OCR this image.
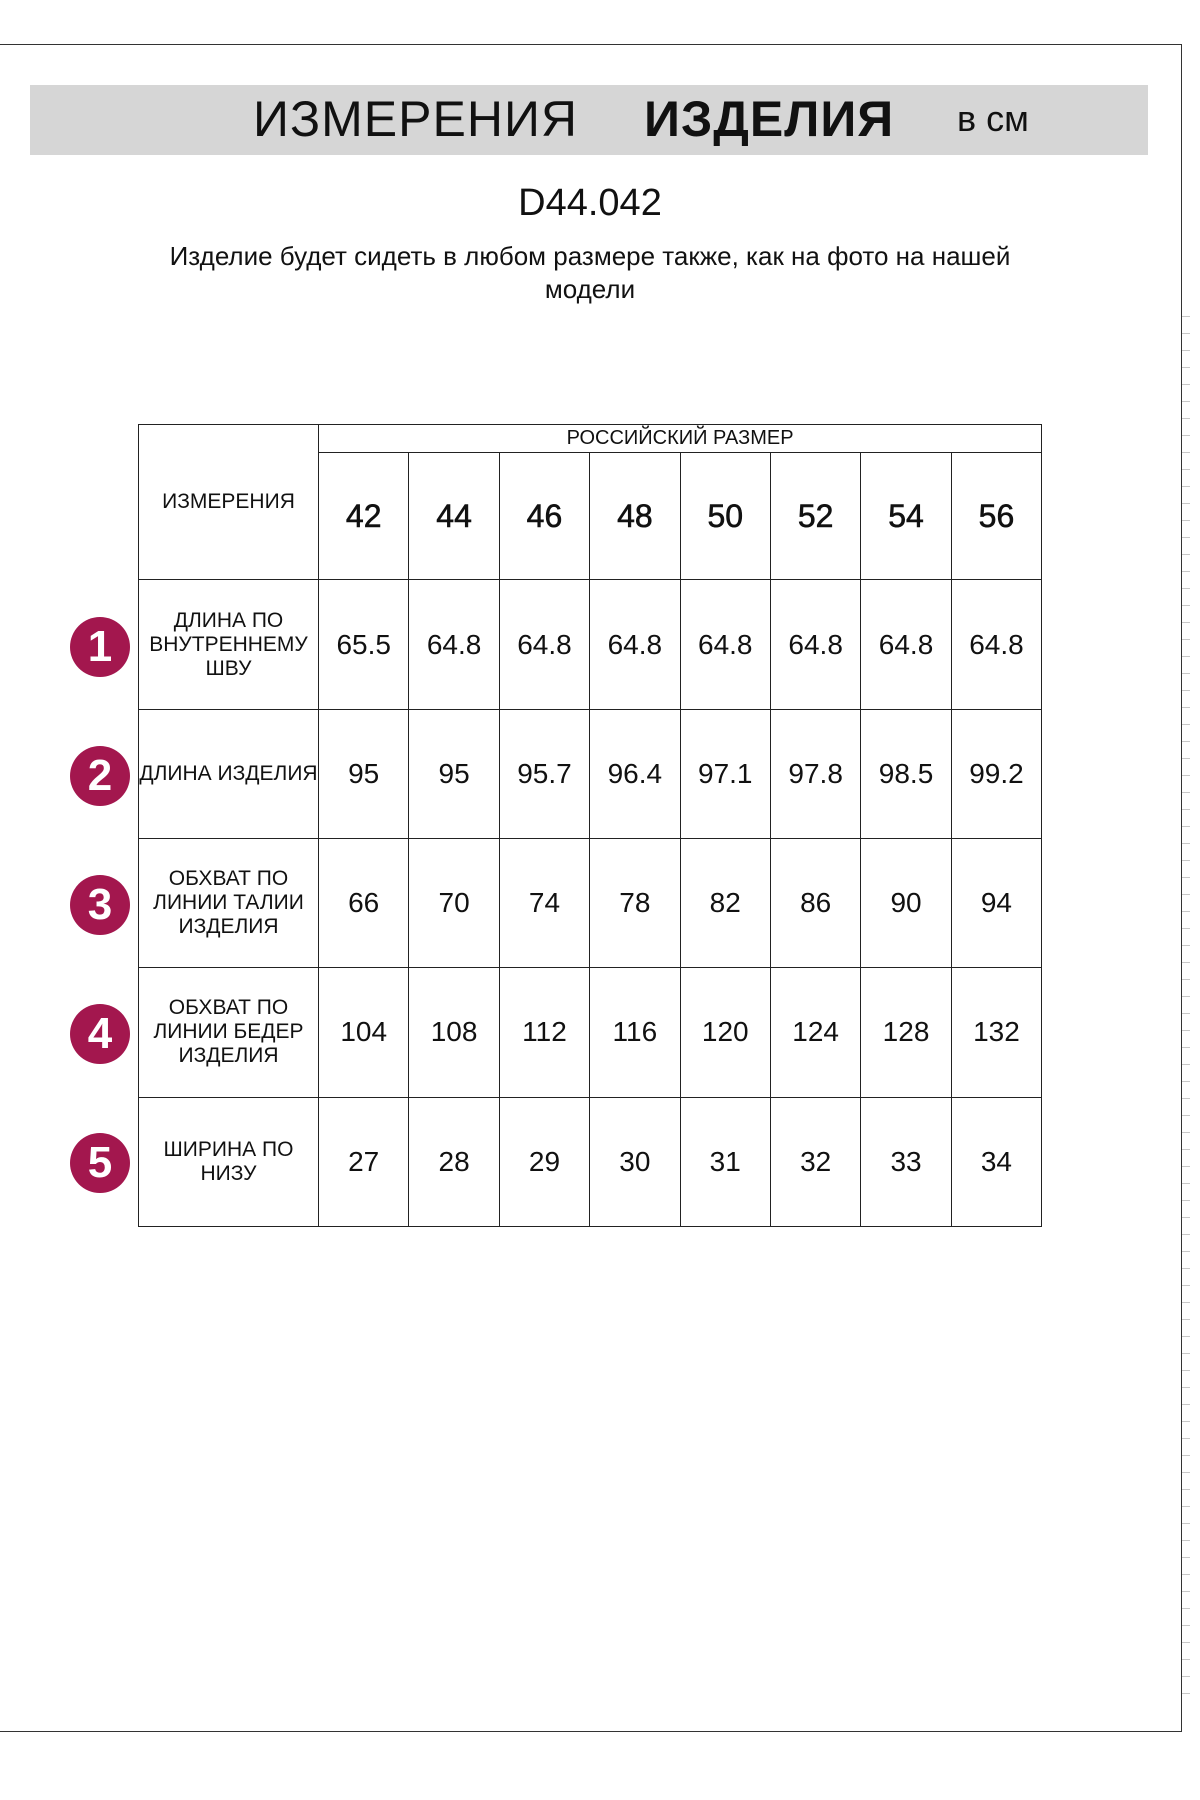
ИЗМЕРЕНИЯ ИЗДЕЛИЯ в см
D44.042
Изделие будет сидеть в любом размере также, как на фото на нашей модели
ИЗМЕРЕНИЯ	РОССИЙСКИЙ РАЗМЕР							
	42	44	46	48	50	52	54	56
ДЛИНА ПО ВНУТРЕННЕМУ ШВУ	65.5	64.8	64.8	64.8	64.8	64.8	64.8	64.8
ДЛИНА ИЗДЕЛИЯ	95	95	95.7	96.4	97.1	97.8	98.5	99.2
ОБХВАТ ПО ЛИНИИ ТАЛИИ ИЗДЕЛИЯ	66	70	74	78	82	86	90	94
ОБХВАТ ПО ЛИНИИ БЕДЕР ИЗДЕЛИЯ	104	108	112	116	120	124	128	132
ШИРИНА ПО НИЗУ	27	28	29	30	31	32	33	34
1
2
3
4
5
